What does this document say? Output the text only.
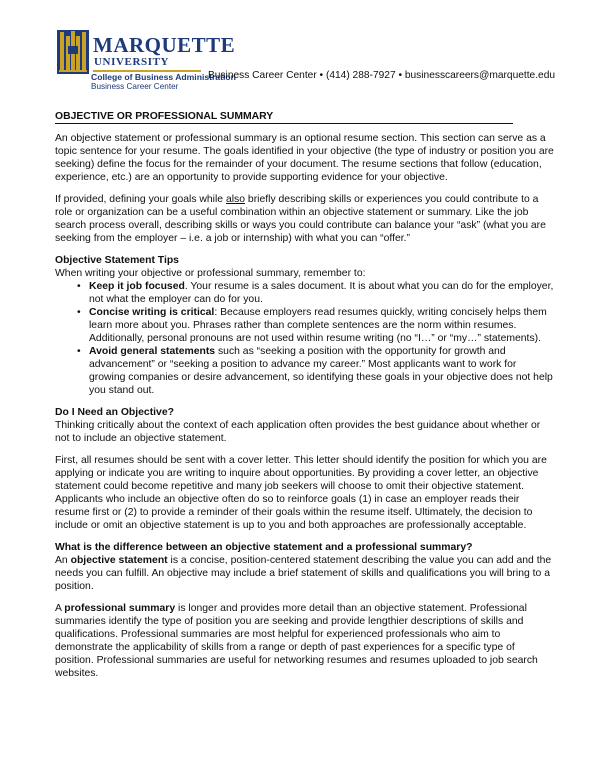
MARQUETTE
UNIVERSITY
College of Business Administration
Business Career Center
Business Career Center • (414) 288-7927 • businesscareers@marquette.edu
OBJECTIVE OR PROFESSIONAL SUMMARY

An objective statement or professional summary is an optional resume section. This section can serve as a topic sentence for your resume. The goals identified in your objective (the type of industry or position you are seeking) define the focus for the remainder of your document. The resume sections that follow (education, experience, etc.) are an opportunity to provide supporting evidence for your objective.

If provided, defining your goals while also briefly describing skills or experiences you could contribute to a role or organization can be a useful combination within an objective statement or summary. Like the job search process overall, describing skills or ways you could contribute can balance your “ask” (what you are seeking from the employer – i.e. a job or internship) with what you can “offer.”

Objective Statement Tips

When writing your objective or professional summary, remember to:

• Keep it job focused. Your resume is a sales document. It is about what you can do for the employer, not what the employer can do for you.
• Concise writing is critical: Because employers read resumes quickly, writing concisely helps them learn more about you. Phrases rather than complete sentences are the norm within resumes. Additionally, personal pronouns are not used within resume writing (no “I…” or “my…” statements).
• Avoid general statements such as “seeking a position with the opportunity for growth and advancement” or “seeking a position to advance my career.” Most applicants want to work for growing companies or desire advancement, so identifying these goals in your objective does not help you stand out.
Do I Need an Objective?

Thinking critically about the context of each application often provides the best guidance about whether or not to include an objective statement.

First, all resumes should be sent with a cover letter. This letter should identify the position for which you are applying or indicate you are writing to inquire about opportunities. By providing a cover letter, an objective statement could become repetitive and many job seekers will choose to omit their objective statement. Applicants who include an objective often do so to reinforce goals (1) in case an employer reads their resume first or (2) to provide a reminder of their goals within the resume itself. Ultimately, the decision to include or omit an objective statement is up to you and both approaches are professionally acceptable.

What is the difference between an objective statement and a professional summary?

An objective statement is a concise, position-centered statement describing the value you can add and the needs you can fulfill. An objective may include a brief statement of skills and qualifications you will bring to a position.

A professional summary is longer and provides more detail than an objective statement. Professional summaries identify the type of position you are seeking and provide lengthier descriptions of skills and qualifications. Professional summaries are most helpful for experienced professionals who aim to demonstrate the applicability of skills from a range or depth of past experiences for a specific type of position. Professional summaries are useful for networking resumes and resumes uploaded to job search websites.
